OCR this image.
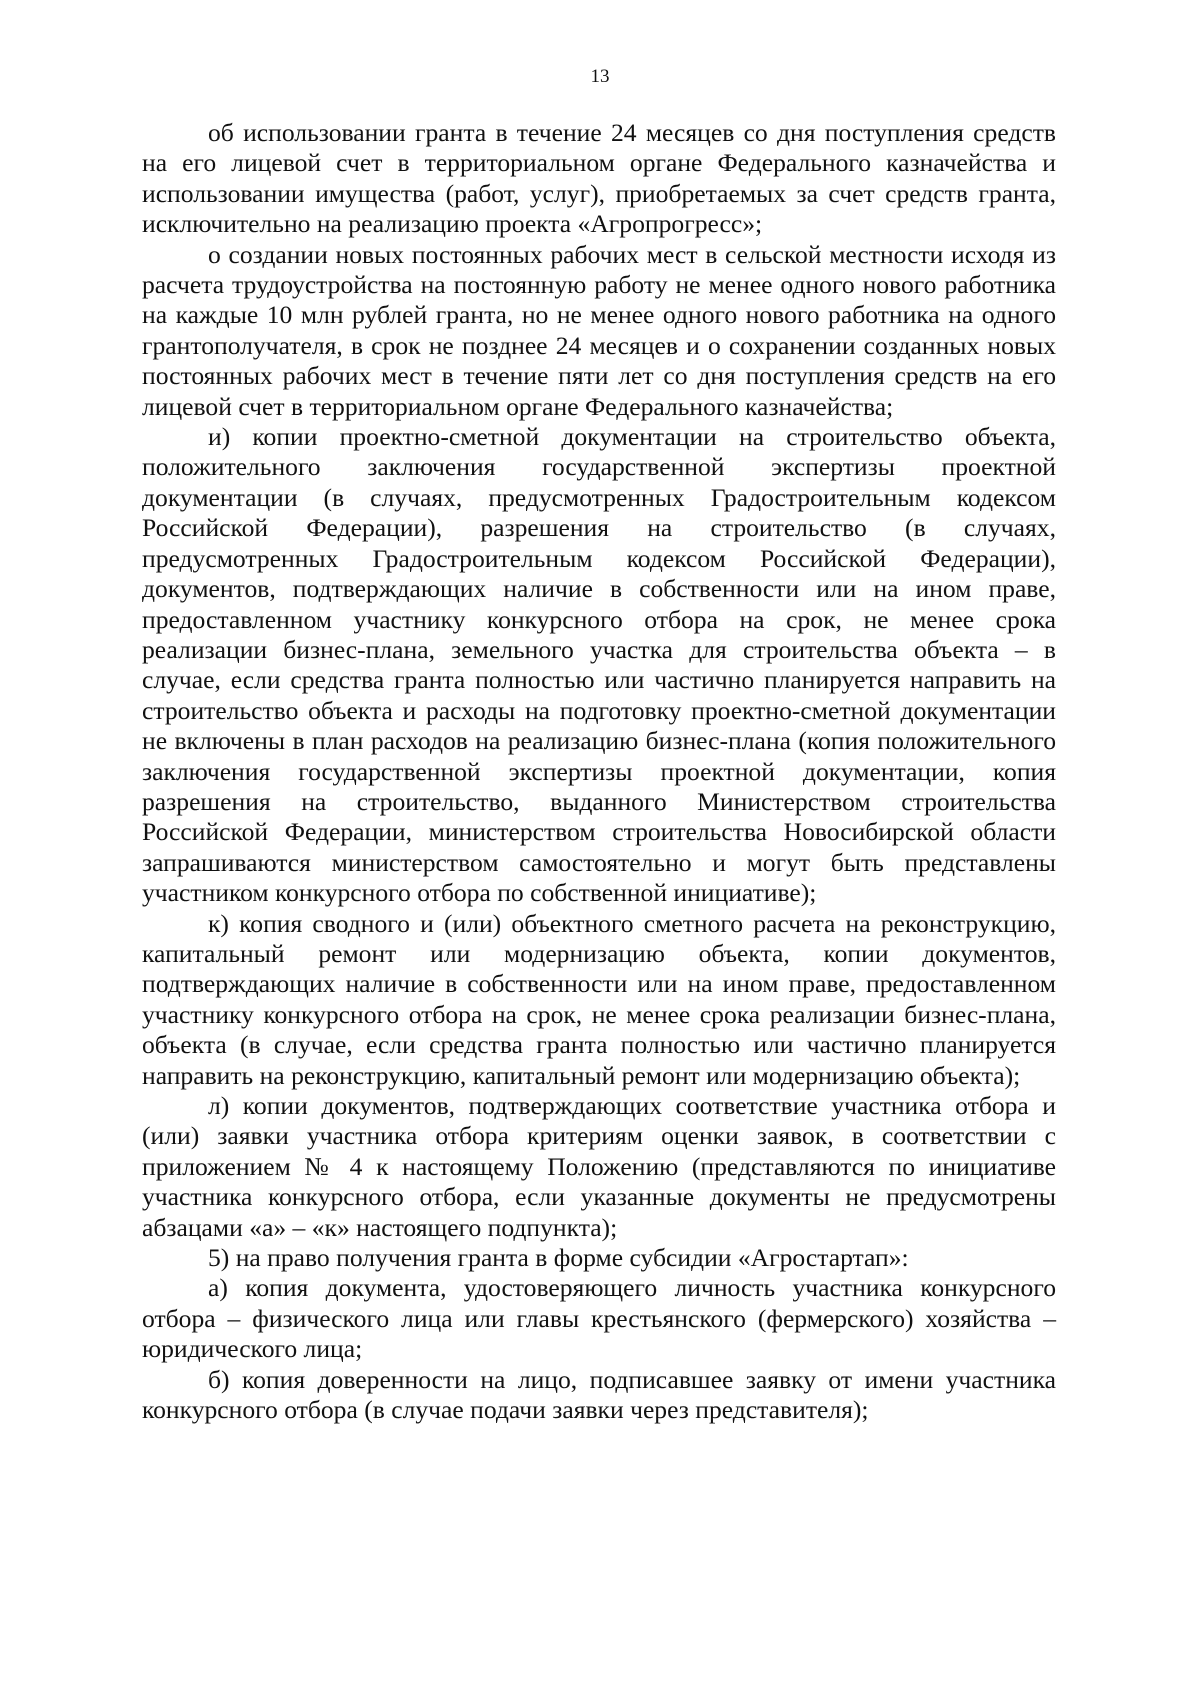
13

об использовании гранта в течение 24 месяцев со дня поступления средств на его лицевой счет в территориальном органе Федерального казначейства и использовании имущества (работ, услуг), приобретаемых за счет средств гранта, исключительно на реализацию проекта «Агропрогресс»;

о создании новых постоянных рабочих мест в сельской местности исходя из расчета трудоустройства на постоянную работу не менее одного нового работника на каждые 10 млн рублей гранта, но не менее одного нового работника на одного грантополучателя, в срок не позднее 24 месяцев и о сохранении созданных новых постоянных рабочих мест в течение пяти лет со дня поступления средств на его лицевой счет в территориальном органе Федерального казначейства;

и) копии проектно-сметной документации на строительство объекта, положительного заключения государственной экспертизы проектной документации (в случаях, предусмотренных Градостроительным кодексом Российской Федерации), разрешения на строительство (в случаях, предусмотренных Градостроительным кодексом Российской Федерации), документов, подтверждающих наличие в собственности или на ином праве, предоставленном участнику конкурсного отбора на срок, не менее срока реализации бизнес-плана, земельного участка для строительства объекта – в случае, если средства гранта полностью или частично планируется направить на строительство объекта и расходы на подготовку проектно-сметной документации не включены в план расходов на реализацию бизнес-плана (копия положительного заключения государственной экспертизы проектной документации, копия разрешения на строительство, выданного Министерством строительства Российской Федерации, министерством строительства Новосибирской области запрашиваются министерством самостоятельно и могут быть представлены участником конкурсного отбора по собственной инициативе);

к) копия сводного и (или) объектного сметного расчета на реконструкцию, капитальный ремонт или модернизацию объекта, копии документов, подтверждающих наличие в собственности или на ином праве, предоставленном участнику конкурсного отбора на срок, не менее срока реализации бизнес-плана, объекта (в случае, если средства гранта полностью или частично планируется направить на реконструкцию, капитальный ремонт или модернизацию объекта);

л) копии документов, подтверждающих соответствие участника отбора и (или) заявки участника отбора критериям оценки заявок, в соответствии с приложением № 4 к настоящему Положению (представляются по инициативе участника конкурсного отбора, если указанные документы не предусмотрены абзацами «а» – «к» настоящего подпункта);

5) на право получения гранта в форме субсидии «Агростартап»:

а) копия документа, удостоверяющего личность участника конкурсного отбора – физического лица или главы крестьянского (фермерского) хозяйства – юридического лица;

б) копия доверенности на лицо, подписавшее заявку от имени участника конкурсного отбора (в случае подачи заявки через представителя);
